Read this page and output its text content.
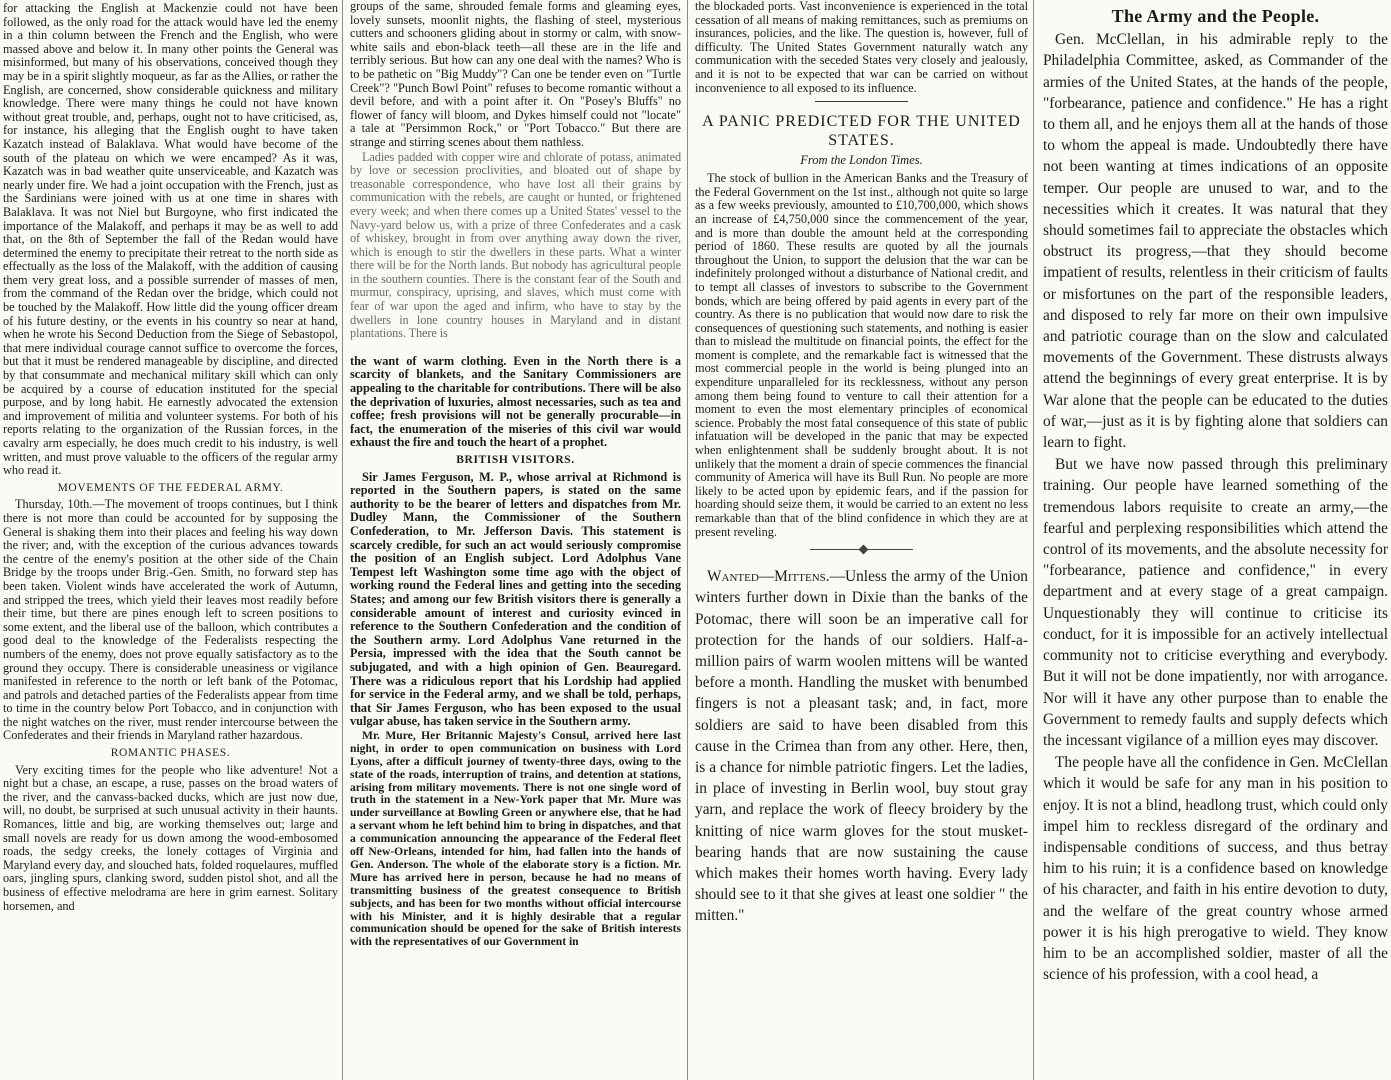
for attacking the English at Mackenzie could not have been followed, as the only road for the attack would have led the enemy in a thin column between the French and the English, who were massed above and below it. In many other points the General was misinformed, but many of his observations, conceived though they may be in a spirit slightly moqueur, as far as the Allies, or rather the English, are concerned, show considerable quickness and military knowledge. There were many things he could not have known without great trouble, and, perhaps, ought not to have criticised, as, for instance, his alleging that the English ought to have taken Kazatch instead of Balaklava. What would have become of the south of the plateau on which we were encamped? As it was, Kazatch was in bad weather quite unserviceable, and Kazatch was nearly under fire. We had a joint occupation with the French, just as the Sardinians were joined with us at one time in shares with Balaklava. It was not Niel but Burgoyne, who first indicated the importance of the Malakoff, and perhaps it may be as well to add that, on the 8th of September the fall of the Redan would have determined the enemy to precipitate their retreat to the north side as effectually as the loss of the Malakoff, with the addition of causing them very great loss, and a possible surrender of masses of men, from the command of the Redan over the bridge, which could not be touched by the Malakoff. How little did the young officer dream of his future destiny, or the events in his country so near at hand, when he wrote his Second Deduction from the Siege of Sebastopol, that mere individual courage cannot suffice to overcome the forces, but that it must be rendered manageable by discipline, and directed by that consummate and mechanical military skill which can only be acquired by a course of education instituted for the special purpose, and by long habit. He earnestly advocated the extension and improvement of militia and volunteer systems. For both of his reports relating to the organization of the Russian forces, in the cavalry arm especially, he does much credit to his industry, is well written, and must prove valuable to the officers of the regular army who read it.

MOVEMENTS OF THE FEDERAL ARMY.

Thursday, 10th.—The movement of troops continues, but I think there is not more than could be accounted for by supposing the General is shaking them into their places and feeling his way down the river; and, with the exception of the curious advances towards the centre of the enemy's position at the other side of the Chain Bridge by the troops under Brig.-Gen. Smith, no forward step has been taken. Violent winds have accelerated the work of Autumn, and stripped the trees, which yield their leaves most readily before their time, but there are pines enough left to screen positions to some extent, and the liberal use of the balloon, which contributes a good deal to the knowledge of the Federalists respecting the numbers of the enemy, does not prove equally satisfactory as to the ground they occupy. There is considerable uneasiness or vigilance manifested in reference to the north or left bank of the Potomac, and patrols and detached parties of the Federalists appear from time to time in the country below Port Tobacco, and in conjunction with the night watches on the river, must render intercourse between the Confederates and their friends in Maryland rather hazardous.

ROMANTIC PHASES.

Very exciting times for the people who like adventure! Not a night but a chase, an escape, a ruse, passes on the broad waters of the river, and the canvass-backed ducks, which are just now due, will, no doubt, be surprised at such unusual activity in their haunts. Romances, little and big, are working themselves out; large and small novels are ready for us down among the wood-embosomed roads, the sedgy creeks, the lonely cottages of Virginia and Maryland every day, and slouched hats, folded roquelaures, muffled oars, jingling spurs, clanking sword, sudden pistol shot, and all the business of effective melodrama are here in grim earnest. Solitary horsemen, and

groups of the same, shrouded female forms and gleaming eyes, lovely sunsets, moonlit nights, the flashing of steel, mysterious cutters and schooners gliding about in stormy or calm, with snow-white sails and ebon-black teeth—all these are in the life and terribly serious. But how can any one deal with the names? Who is to be pathetic on "Big Muddy"? Can one be tender even on "Turtle Creek"? "Punch Bowl Point" refuses to become romantic without a devil before, and with a point after it. On "Posey's Bluffs" no flower of fancy will bloom, and Dykes himself could not "locate" a tale at "Persimmon Rock," or "Port Tobacco." But there are strange and stirring scenes about them nathless.

Ladies padded with copper wire and chlorate of potass, animated by love or secession proclivities, and bloated out of shape by treasonable correspondence, who have lost all their grains by communication with the rebels, are caught or hunted, or frightened every week; and when there comes up a United States' vessel to the Navy-yard below us, with a prize of three Confederates and a cask of whiskey, brought in from over anything away down the river, which is enough to stir the dwellers in these parts. What a winter there will be for the North lands. But nobody has agricultural people in the southern counties. There is the constant fear of the South and murmur, conspiracy, uprising, and slaves, which must come with fear of war upon the aged and infirm, who have to stay by the dwellers in lone country houses in Maryland and in distant plantations. There is

the want of warm clothing. Even in the North there is a scarcity of blankets, and the Sanitary Commissioners are appealing to the charitable for contributions. There will be also the deprivation of luxuries, almost necessaries, such as tea and coffee; fresh provisions will not be generally procurable—in fact, the enumeration of the miseries of this civil war would exhaust the fire and touch the heart of a prophet.

BRITISH VISITORS.

Sir James Ferguson, M. P., whose arrival at Richmond is reported in the Southern papers, is stated on the same authority to be the bearer of letters and dispatches from Mr. Dudley Mann, the Commissioner of the Southern Confederation, to Mr. Jefferson Davis. This statement is scarcely credible, for such an act would seriously compromise the position of an English subject. Lord Adolphus Vane Tempest left Washington some time ago with the object of working round the Federal lines and getting into the seceding States; and among our few British visitors there is generally a considerable amount of interest and curiosity evinced in reference to the Southern Confederation and the condition of the Southern army. Lord Adolphus Vane returned in the Persia, impressed with the idea that the South cannot be subjugated, and with a high opinion of Gen. Beauregard. There was a ridiculous report that his Lordship had applied for service in the Federal army, and we shall be told, perhaps, that Sir James Ferguson, who has been exposed to the usual vulgar abuse, has taken service in the Southern army.

Mr. Mure, Her Britannic Majesty's Consul, arrived here last night, in order to open communication on business with Lord Lyons, after a difficult journey of twenty-three days, owing to the state of the roads, interruption of trains, and detention at stations, arising from military movements. There is not one single word of truth in the statement in a New-York paper that Mr. Mure was under surveillance at Bowling Green or anywhere else, that he had a servant whom he left behind him to bring in dispatches, and that a communication announcing the appearance of the Federal fleet off New-Orleans, intended for him, had fallen into the hands of Gen. Anderson. The whole of the elaborate story is a fiction. Mr. Mure has arrived here in person, because he had no means of transmitting business of the greatest consequence to British subjects, and has been for two months without official intercourse with his Minister, and it is highly desirable that a regular communication should be opened for the sake of British interests with the representatives of our Government in

the blockaded ports. Vast inconvenience is experienced in the total cessation of all means of making remittances, such as premiums on insurances, policies, and the like. The question is, however, full of difficulty. The United States Government naturally watch any communication with the seceded States very closely and jealously, and it is not to be expected that war can be carried on without inconvenience to all exposed to its influence.

A PANIC PREDICTED FOR THE UNITED STATES.
From the London Times.

The stock of bullion in the American Banks and the Treasury of the Federal Government on the 1st inst., although not quite so large as a few weeks previously, amounted to £10,700,000, which shows an increase of £4,750,000 since the commencement of the year, and is more than double the amount held at the corresponding period of 1860. These results are quoted by all the journals throughout the Union, to support the delusion that the war can be indefinitely prolonged without a disturbance of National credit, and to tempt all classes of investors to subscribe to the Government bonds, which are being offered by paid agents in every part of the country. As there is no publication that would now dare to risk the consequences of questioning such statements, and nothing is easier than to mislead the multitude on financial points, the effect for the moment is complete, and the remarkable fact is witnessed that the most commercial people in the world is being plunged into an expenditure unparalleled for its recklessness, without any person among them being found to venture to call their attention for a moment to even the most elementary principles of economical science. Probably the most fatal consequence of this state of public infatuation will be developed in the panic that may be expected when enlightenment shall be suddenly brought about. It is not unlikely that the moment a drain of specie commences the financial community of America will have its Bull Run. No people are more likely to be acted upon by epidemic fears, and if the passion for hoarding should seize them, it would be carried to an extent no less remarkable than that of the blind confidence in which they are at present reveling.

Wanted—Mittens.—Unless the army of the Union winters further down in Dixie than the banks of the Potomac, there will soon be an imperative call for protection for the hands of our soldiers. Half-a-million pairs of warm woolen mittens will be wanted before a month. Handling the musket with benumbed fingers is not a pleasant task; and, in fact, more soldiers are said to have been disabled from this cause in the Crimea than from any other. Here, then, is a chance for nimble patriotic fingers. Let the ladies, in place of investing in Berlin wool, buy stout gray yarn, and replace the work of fleecy broidery by the knitting of nice warm gloves for the stout musket-bearing hands that are now sustaining the cause which makes their homes worth having. Every lady should see to it that she gives at least one soldier " the mitten."

The Army and the People.

Gen. McClellan, in his admirable reply to the Philadelphia Committee, asked, as Commander of the armies of the United States, at the hands of the people, "forbearance, patience and confidence." He has a right to them all, and he enjoys them all at the hands of those to whom the appeal is made. Undoubtedly there have not been wanting at times indications of an opposite temper. Our people are unused to war, and to the necessities which it creates. It was natural that they should sometimes fail to appreciate the obstacles which obstruct its progress,—that they should become impatient of results, relentless in their criticism of faults or misfortunes on the part of the responsible leaders, and disposed to rely far more on their own impulsive and patriotic courage than on the slow and calculated movements of the Government. These distrusts always attend the beginnings of every great enterprise. It is by War alone that the people can be educated to the duties of war,—just as it is by fighting alone that soldiers can learn to fight.

But we have now passed through this preliminary training. Our people have learned something of the tremendous labors requisite to create an army,—the fearful and perplexing responsibilities which attend the control of its movements, and the absolute necessity for "forbearance, patience and confidence," in every department and at every stage of a great campaign. Unquestionably they will continue to criticise its conduct, for it is impossible for an actively intellectual community not to criticise everything and everybody. But it will not be done impatiently, nor with arrogance. Nor will it have any other purpose than to enable the Government to remedy faults and supply defects which the incessant vigilance of a million eyes may discover.

The people have all the confidence in Gen. McClellan which it would be safe for any man in his position to enjoy. It is not a blind, headlong trust, which could only impel him to reckless disregard of the ordinary and indispensable conditions of success, and thus betray him to his ruin; it is a confidence based on knowledge of his character, and faith in his entire devotion to duty, and the welfare of the great country whose armed power it is his high prerogative to wield. They know him to be an accomplished soldier, master of all the science of his profession, with a cool head, a
